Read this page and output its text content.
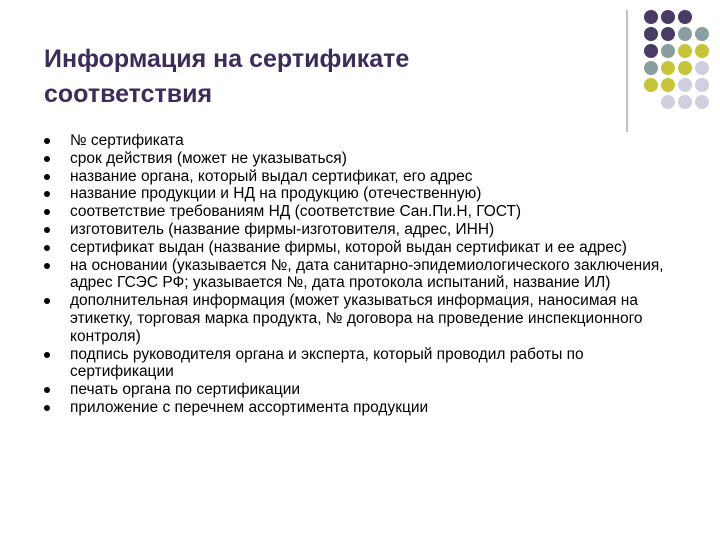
Информация на сертификате
соответствия
№ сертификата
срок действия (может не указываться)
название органа, который выдал сертификат, его адрес
название продукции и НД на продукцию (отечественную)
соответствие требованиям НД (соответствие Сан.Пи.Н, ГОСТ)
изготовитель (название фирмы-изготовителя, адрес, ИНН)
сертификат выдан (название фирмы, которой выдан сертификат и ее адрес)
на основании (указывается №, дата санитарно-эпидемиологического заключения, адрес ГСЭС РФ; указывается №, дата протокола испытаний, название ИЛ)
дополнительная информация (может указываться информация, наносимая на этикетку, торговая марка продукта, № договора на проведение инспекционного контроля)
подпись руководителя органа и эксперта, который проводил работы по сертификации
печать органа по сертификации
приложение с перечнем ассортимента продукции
